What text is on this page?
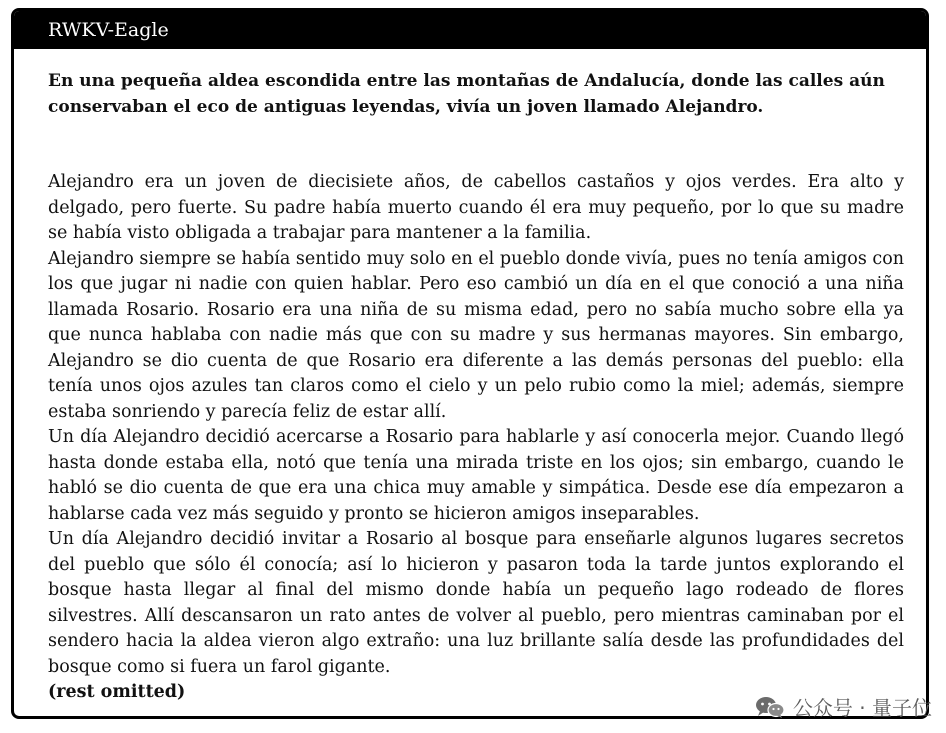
RWKV-Eagle
En una pequeña aldea escondida entre las montañas de Andalucía, donde las calles aún conservaban el eco de antiguas leyendas, vivía un joven llamado Alejandro.

Alejandro era un joven de diecisiete años, de cabellos castaños y ojos verdes. Era alto y delgado, pero fuerte. Su padre había muerto cuando él era muy pequeño, por lo que su madre se había visto obligada a trabajar para mantener a la familia.

Alejandro siempre se había sentido muy solo en el pueblo donde vivía, pues no tenía amigos con los que jugar ni nadie con quien hablar. Pero eso cambió un día en el que conoció a una niña llamada Rosario. Rosario era una niña de su misma edad, pero no sabía mucho sobre ella ya que nunca hablaba con nadie más que con su madre y sus hermanas mayores. Sin embargo, Alejandro se dio cuenta de que Rosario era diferente a las demás personas del pueblo: ella tenía unos ojos azules tan claros como el cielo y un pelo rubio como la miel; además, siempre estaba sonriendo y parecía feliz de estar allí.

Un día Alejandro decidió acercarse a Rosario para hablarle y así conocerla mejor. Cuando llegó hasta donde estaba ella, notó que tenía una mirada triste en los ojos; sin embargo, cuando le habló se dio cuenta de que era una chica muy amable y simpática. Desde ese día empezaron a hablarse cada vez más seguido y pronto se hicieron amigos inseparables.

Un día Alejandro decidió invitar a Rosario al bosque para enseñarle algunos lugares secretos del pueblo que sólo él conocía; así lo hicieron y pasaron toda la tarde juntos explorando el bosque hasta llegar al final del mismo donde había un pequeño lago rodeado de flores silvestres. Allí descansaron un rato antes de volver al pueblo, pero mientras caminaban por el sendero hacia la aldea vieron algo extraño: una luz brillante salía desde las profundidades del bosque como si fuera un farol gigante.

(rest omitted)

公众号 · 量子位
